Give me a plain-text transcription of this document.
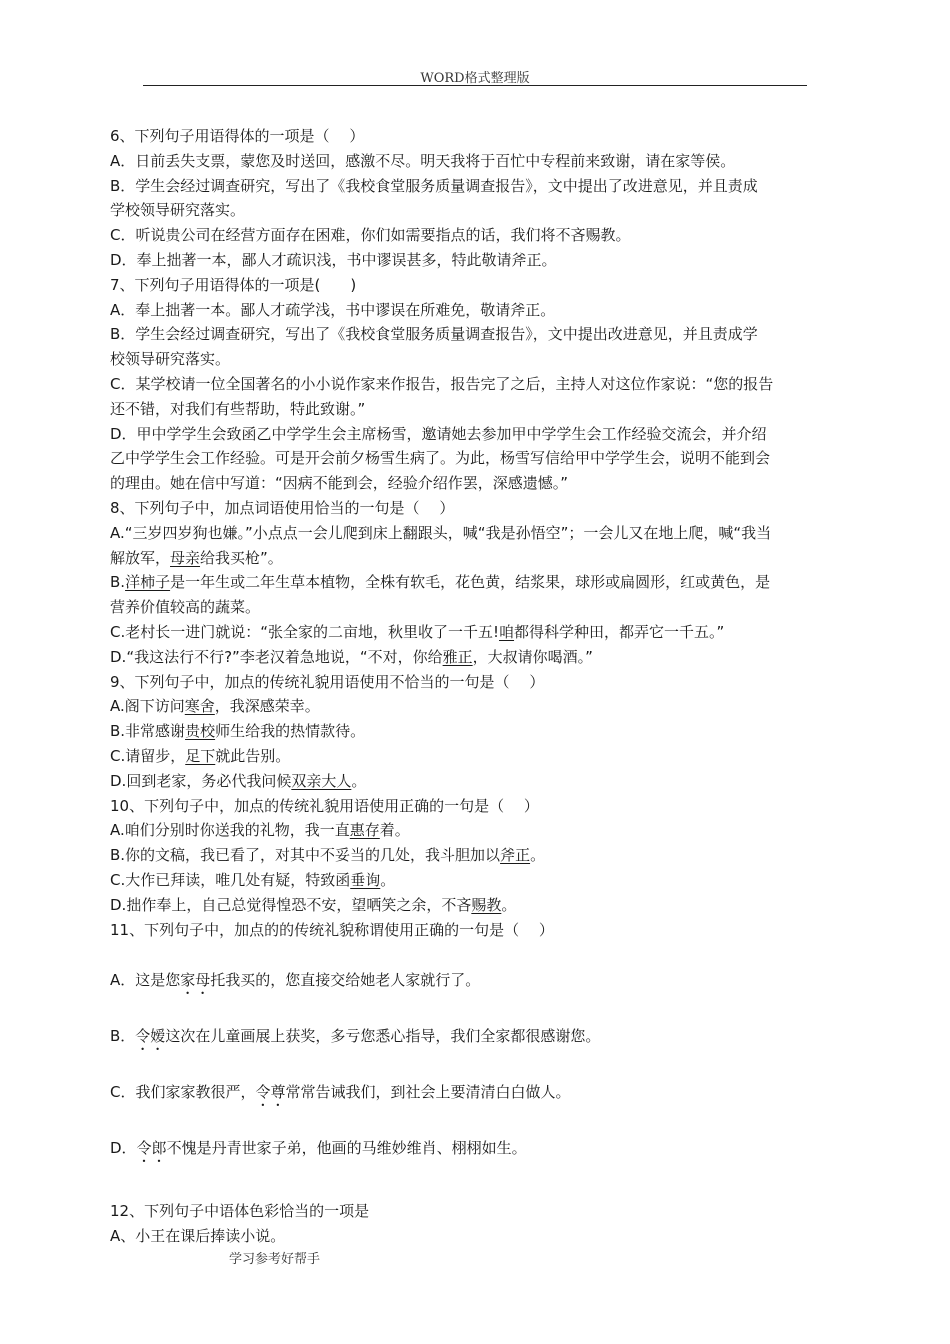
WORD格式整理版
6、下列句子用语得体的一项是（　 ）
A．日前丢失支票，蒙您及时送回，感激不尽。明天我将于百忙中专程前来致谢，请在家等侯。
B．学生会经过调查研究，写出了《我校食堂服务质量调查报告》，文中提出了改进意见，并且责成
学校领导研究落实。
C．听说贵公司在经营方面存在困难，你们如需要指点的话，我们将不吝赐教。
D．奉上拙著一本，鄙人才疏识浅，书中谬误甚多，特此敬请斧正。
7、下列句子用语得体的一项是(　　)
A．奉上拙著一本。鄙人才疏学浅，书中谬误在所难免，敬请斧正。
B．学生会经过调查研究，写出了《我校食堂服务质量调查报告》，文中提出改进意见，并且责成学
校领导研究落实。
C．某学校请一位全国著名的小小说作家来作报告，报告完了之后，主持人对这位作家说：“您的报告
还不错，对我们有些帮助，特此致谢。”
D．甲中学学生会致函乙中学学生会主席杨雪，邀请她去参加甲中学学生会工作经验交流会，并介绍
乙中学学生会工作经验。可是开会前夕杨雪生病了。为此，杨雪写信给甲中学学生会，说明不能到会
的理由。她在信中写道：“因病不能到会，经验介绍作罢，深感遗憾。”
8、下列句子中，加点词语使用恰当的一句是（　 ）
A.“三岁四岁狗也嫌。”小点点一会儿爬到床上翻跟头，喊“我是孙悟空”；一会儿又在地上爬，喊“我当
解放军，母亲给我买枪”。
B.洋柿子是一年生或二年生草本植物，全株有软毛，花色黄，结浆果，球形或扁圆形，红或黄色，是
营养价值较高的蔬菜。
C.老村长一进门就说：“张全家的二亩地，秋里收了一千五!咱都得科学种田，都弄它一千五。”
D.“我这法行不行?”李老汉着急地说，“不对，你给雅正，大叔请你喝酒。”
9、下列句子中，加点的传统礼貌用语使用不恰当的一句是（　 ）
A.阁下访问寒舍，我深感荣幸。
B.非常感谢贵校师生给我的热情款待。
C.请留步，足下就此告别。
D.回到老家，务必代我问候双亲大人。
10、下列句子中，加点的传统礼貌用语使用正确的一句是（　 ）
A.咱们分别时你送我的礼物，我一直惠存着。
B.你的文稿，我已看了，对其中不妥当的几处，我斗胆加以斧正。
C.大作已拜读，唯几处有疑，特致函垂询。
D.拙作奉上，自己总觉得惶恐不安，望哂笑之余，不吝赐教。
11、下列句子中，加点的的传统礼貌称谓使用正确的一句是（　 ）
A．这是您家母托我买的，您直接交给她老人家就行了。
B．令嫒这次在儿童画展上获奖，多亏您悉心指导，我们全家都很感谢您。
C．我们家家教很严，令尊常常告诫我们，到社会上要清清白白做人。
D．令郎不愧是丹青世家子弟，他画的马维妙维肖、栩栩如生。
12、下列句子中语体色彩恰当的一项是
A、小王在课后捧读小说。
学习参考好帮手
